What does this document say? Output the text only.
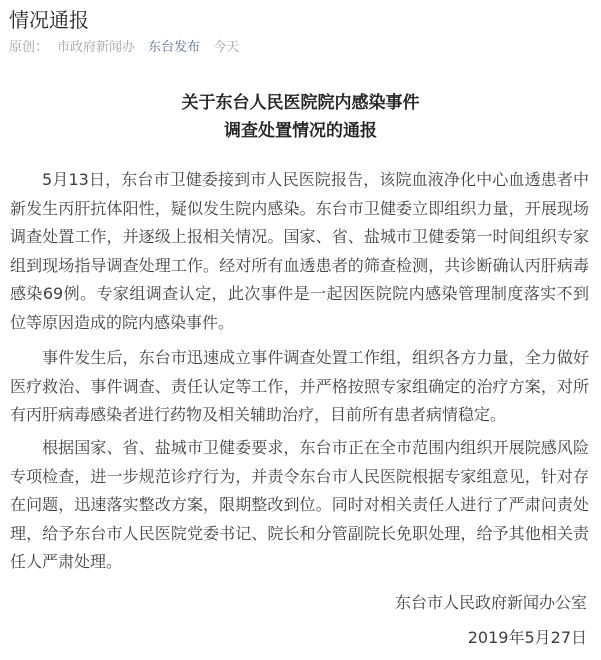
情况通报
原创： 市政府新闻办 东台发布 今天
关于东台人民医院院内感染事件
调查处置情况的通报
5月13日，东台市卫健委接到市人民医院报告，该院血液净化中心血透患者中新发生丙肝抗体阳性，疑似发生院内感染。东台市卫健委立即组织力量，开展现场调查处置工作，并逐级上报相关情况。国家、省、盐城市卫健委第一时间组织专家组到现场指导调查处理工作。经对所有血透患者的筛查检测，共诊断确认丙肝病毒感染69例。专家组调查认定，此次事件是一起因医院院内感染管理制度落实不到位等原因造成的院内感染事件。
事件发生后，东台市迅速成立事件调查处置工作组，组织各方力量，全力做好医疗救治、事件调查、责任认定等工作，并严格按照专家组确定的治疗方案，对所有丙肝病毒感染者进行药物及相关辅助治疗，目前所有患者病情稳定。
根据国家、省、盐城市卫健委要求，东台市正在全市范围内组织开展院感风险专项检查，进一步规范诊疗行为，并责令东台市人民医院根据专家组意见，针对存在问题，迅速落实整改方案，限期整改到位。同时对相关责任人进行了严肃问责处理，给予东台市人民医院党委书记、院长和分管副院长免职处理，给予其他相关责任人严肃处理。
东台市人民政府新闻办公室
2019年5月27日
